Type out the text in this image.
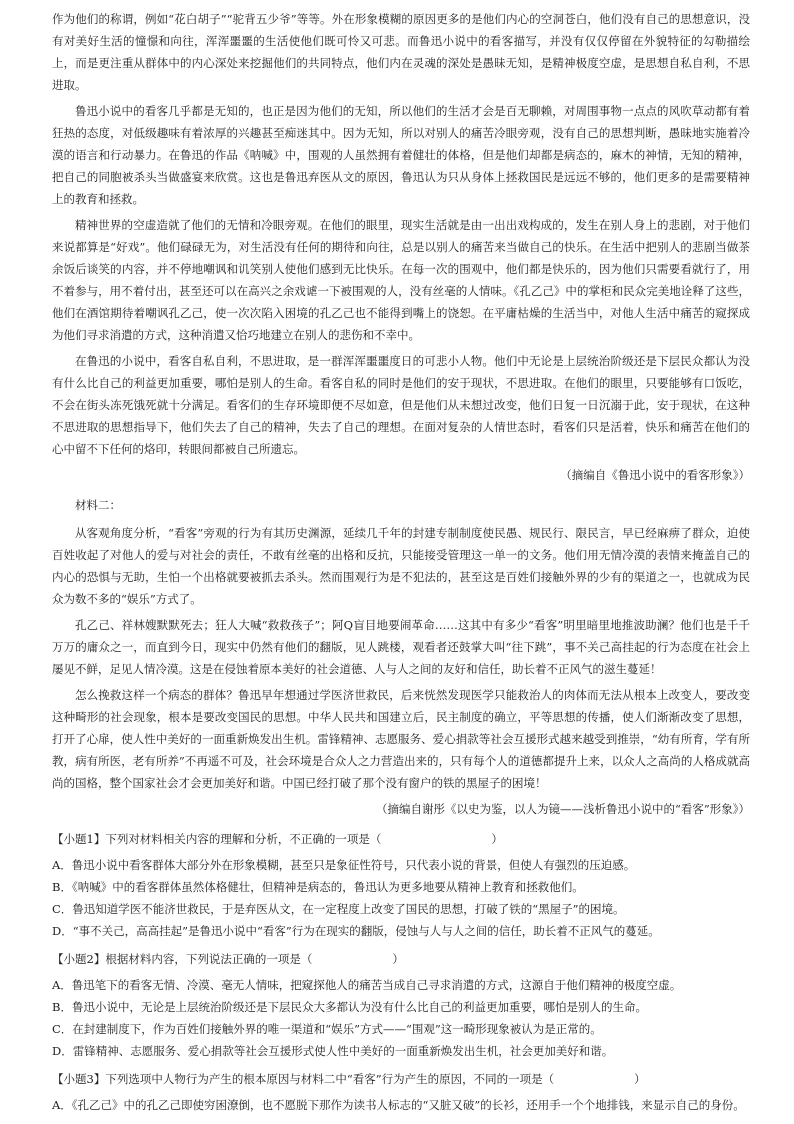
作为他们的称谓，例如“花白胡子”“驼背五少爷”等等。外在形象模糊的原因更多的是他们内心的空洞苍白，他们没有自己的思想意识，没有对美好生活的憧憬和向往，浑浑噩噩的生活使他们既可怜又可悲。而鲁迅小说中的看客描写，并没有仅仅停留在外貌特征的勾勒描绘上，而是更注重从群体中的内心深处来挖掘他们的共同特点，他们内在灵魂的深处是愚昧无知，是精神极度空虚，是思想自私自利，不思进取。

鲁迅小说中的看客几乎都是无知的，也正是因为他们的无知，所以他们的生活才会是百无聊赖，对周围事物一点点的风吹草动都有着狂热的态度，对低级趣味有着浓厚的兴趣甚至痴迷其中。因为无知，所以对别人的痛苦冷眼旁观，没有自己的思想判断，愚昧地实施着冷漠的语言和行动暴力。在鲁迅的作品《呐喊》中，围观的人虽然拥有着健壮的体格，但是他们却都是病态的，麻木的神情，无知的精神，把自己的同胞被杀头当做盛宴来欣赏。这也是鲁迅弃医从文的原因，鲁迅认为只从身体上拯救国民是远远不够的，他们更多的是需要精神上的教育和拯救。

精神世界的空虚造就了他们的无情和冷眼旁观。在他们的眼里，现实生活就是由一出出戏构成的，发生在别人身上的悲剧，对于他们来说都算是“好戏”。他们碌碌无为，对生活没有任何的期待和向往，总是以别人的痛苦来当做自己的快乐。在生活中把别人的悲剧当做茶余饭后谈笑的内容，并不停地嘲讽和讥笑别人使他们感到无比快乐。在每一次的围观中，他们都是快乐的，因为他们只需要看就行了，用不着参与，用不着付出，甚至还可以在高兴之余戏谑一下被围观的人，没有丝毫的人情味。《孔乙己》中的掌柜和民众完美地诠释了这些，他们在酒馆期待着嘲讽孔乙己，使一次次陷入困境的孔乙己也不能得到嘴上的饶恕。在平庸枯燥的生活当中，对他人生活中痛苦的窥探成为他们寻求消遣的方式，这种消遣又恰巧地建立在别人的悲伤和不幸中。

在鲁迅的小说中，看客自私自利，不思进取，是一群浑浑噩噩度日的可悲小人物。他们中无论是上层统治阶级还是下层民众都认为没有什么比自己的利益更加重要，哪怕是别人的生命。看客自私的同时是他们的安于现状，不思进取。在他们的眼里，只要能够有口饭吃，不会在街头冻死饿死就十分满足。看客们的生存环境即便不尽如意，但是他们从未想过改变，他们日复一日沉溺于此，安于现状，在这种不思进取的思想指导下，他们失去了自己的精神，失去了自己的理想。在面对复杂的人情世态时，看客们只是活着，快乐和痛苦在他们的心中留不下任何的烙印，转眼间都被自己所遗忘。

（摘编自《鲁迅小说中的看客形象》）

材料二：

从客观角度分析，“看客”旁观的行为有其历史渊源，延续几千年的封建专制制度使民愚、规民行、限民言，早已经麻痹了群众，迫使百姓收起了对他人的爱与对社会的责任，不敢有丝毫的出格和反抗，只能接受管理这一单一的文务。他们用无情冷漠的表情来掩盖自己的内心的恐惧与无助，生怕一个出格就要被抓去杀头。然而围观行为是不犯法的，甚至这是百姓们接触外界的少有的渠道之一，也就成为民众为数不多的“娱乐”方式了。

孔乙己、祥林嫂默默死去；狂人大喊“救救孩子”；阿Q盲目地要闹革命……这其中有多少“看客”明里暗里地推波助澜？他们也是千千万万的庸众之一，而直到今日，现实中仍然有他们的翻版，见人跳楼，观看者还鼓掌大叫“往下跳”，事不关己高挂起的行为态度在社会上屡见不鲜，足见人情冷漠。这是在侵蚀着原本美好的社会道德、人与人之间的友好和信任，助长着不正风气的滋生蔓延！

怎么挽救这样一个病态的群体？鲁迅早年想通过学医济世救民，后来恍然发现医学只能救治人的肉体而无法从根本上改变人，要改变这种畸形的社会现象，根本是要改变国民的思想。中华人民共和国建立后，民主制度的确立，平等思想的传播，使人们渐渐改变了思想，打开了心扉，使人性中美好的一面重新焕发出生机。雷锋精神、志愿服务、爱心捐款等社会互援形式越来越受到推崇，“幼有所育，学有所教，病有所医，老有所养”不再遥不可及，社会环境是合众人之力营造出来的，只有每个人的道德都提升上来，以众人之高尚的人格成就高尚的国格，整个国家社会才会更加美好和谐。中国已经打破了那个没有窗户的铁的黑屋子的困境！

（摘编自谢彤《以史为鉴，以人为镜——浅析鲁迅小说中的“看客”形象》）

【小题1】下列对材料相关内容的理解和分析，不正确的一项是（	）

A．鲁迅小说中看客群体大部分外在形象模糊，甚至只是象征性符号，只代表小说的背景，但使人有强烈的压迫感。

B．《呐喊》中的看客群体虽然体格健壮，但精神是病态的，鲁迅认为更多地要从精神上教育和拯救他们。

C．鲁迅知道学医不能济世救民，于是弃医从文，在一定程度上改变了国民的思想，打破了铁的“黑屋子”的困境。

D．“事不关己，高高挂起”是鲁迅小说中“看客”行为在现实的翻版，侵蚀与人与人之间的信任，助长着不正风气的蔓延。

【小题2】根据材料内容，下列说法正确的一项是（	）

A．鲁迅笔下的看客无情、冷漠、毫无人情味，把窥探他人的痛苦当成自己寻求消遣的方式，这源自于他们精神的极度空虚。

B．鲁迅小说中，无论是上层统治阶级还是下层民众大多都认为没有什么比自己的利益更加重要，哪怕是别人的生命。

C．在封建制度下，作为百姓们接触外界的唯一渠道和“娱乐”方式——“围观”这一畸形现象被认为是正常的。

D．雷锋精神、志愿服务、爱心捐款等社会互援形式使人性中美好的一面重新焕发出生机，社会更加美好和谐。

【小题3】下列选项中人物行为产生的根本原因与材料二中“看客”行为产生的原因，不同的一项是（	）

A．《孔乙己》中的孔乙己即使穷困潦倒，也不愿脱下那作为读书人标志的“又脏又破”的长衫，还用手一个个地排钱，来显示自己的身份。
